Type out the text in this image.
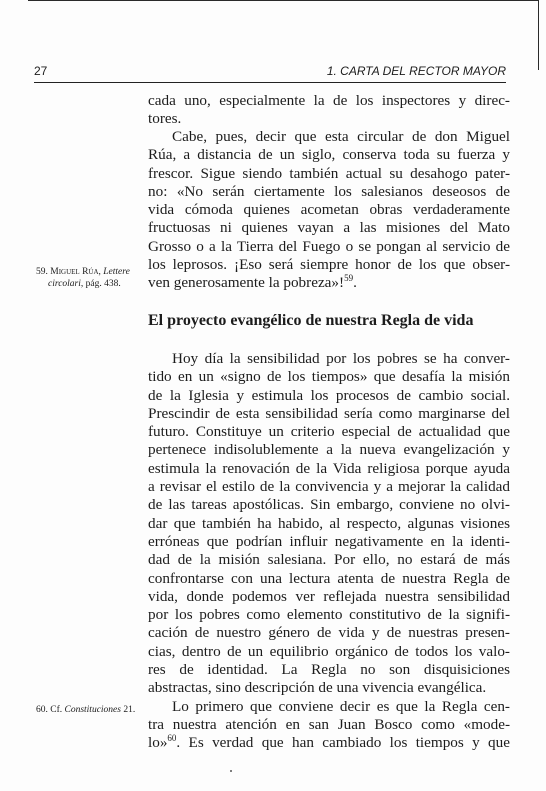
27	1. CARTA DEL RECTOR MAYOR

cada uno, especialmente la de los inspectores y direc-

tores.

Cabe, pues, decir que esta circular de don Miguel

Rúa, a distancia de un siglo, conserva toda su fuerza y

frescor. Sigue siendo también actual su desahogo pater-

no: «No serán ciertamente los salesianos deseosos de

vida cómoda quienes acometan obras verdaderamente

fructuosas ni quienes vayan a las misiones del Mato

Grosso o a la Tierra del Fuego o se pongan al servicio de

los leprosos. ¡Eso será siempre honor de los que obser-

ven generosamente la pobreza»!$^{59}$.

59. Miguel Rúa, Lettere
circolari, pág. 438.
El proyecto evangélico de nuestra Regla de vida

Hoy día la sensibilidad por los pobres se ha conver-

tido en un «signo de los tiempos» que desafía la misión

de la Iglesia y estimula los procesos de cambio social.

Prescindir de esta sensibilidad sería como marginarse del

futuro. Constituye un criterio especial de actualidad que

pertenece indisolublemente a la nueva evangelización y

estimula la renovación de la Vida religiosa porque ayuda

a revisar el estilo de la convivencia y a mejorar la calidad

de las tareas apostólicas. Sin embargo, conviene no olvi-

dar que también ha habido, al respecto, algunas visiones

erróneas que podrían influir negativamente en la identi-

dad de la misión salesiana. Por ello, no estará de más

confrontarse con una lectura atenta de nuestra Regla de

vida, donde podemos ver reflejada nuestra sensibilidad

por los pobres como elemento constitutivo de la signifi-

cación de nuestro género de vida y de nuestras presen-

cias, dentro de un equilibrio orgánico de todos los valo-

res de identidad. La Regla no son disquisiciones

abstractas, sino descripción de una vivencia evangélica.

Lo primero que conviene decir es que la Regla cen-

tra nuestra atención en san Juan Bosco como «mode-

lo»$^{60}$. Es verdad que han cambiado los tiempos y que

60. Cf. Constituciones 21.
